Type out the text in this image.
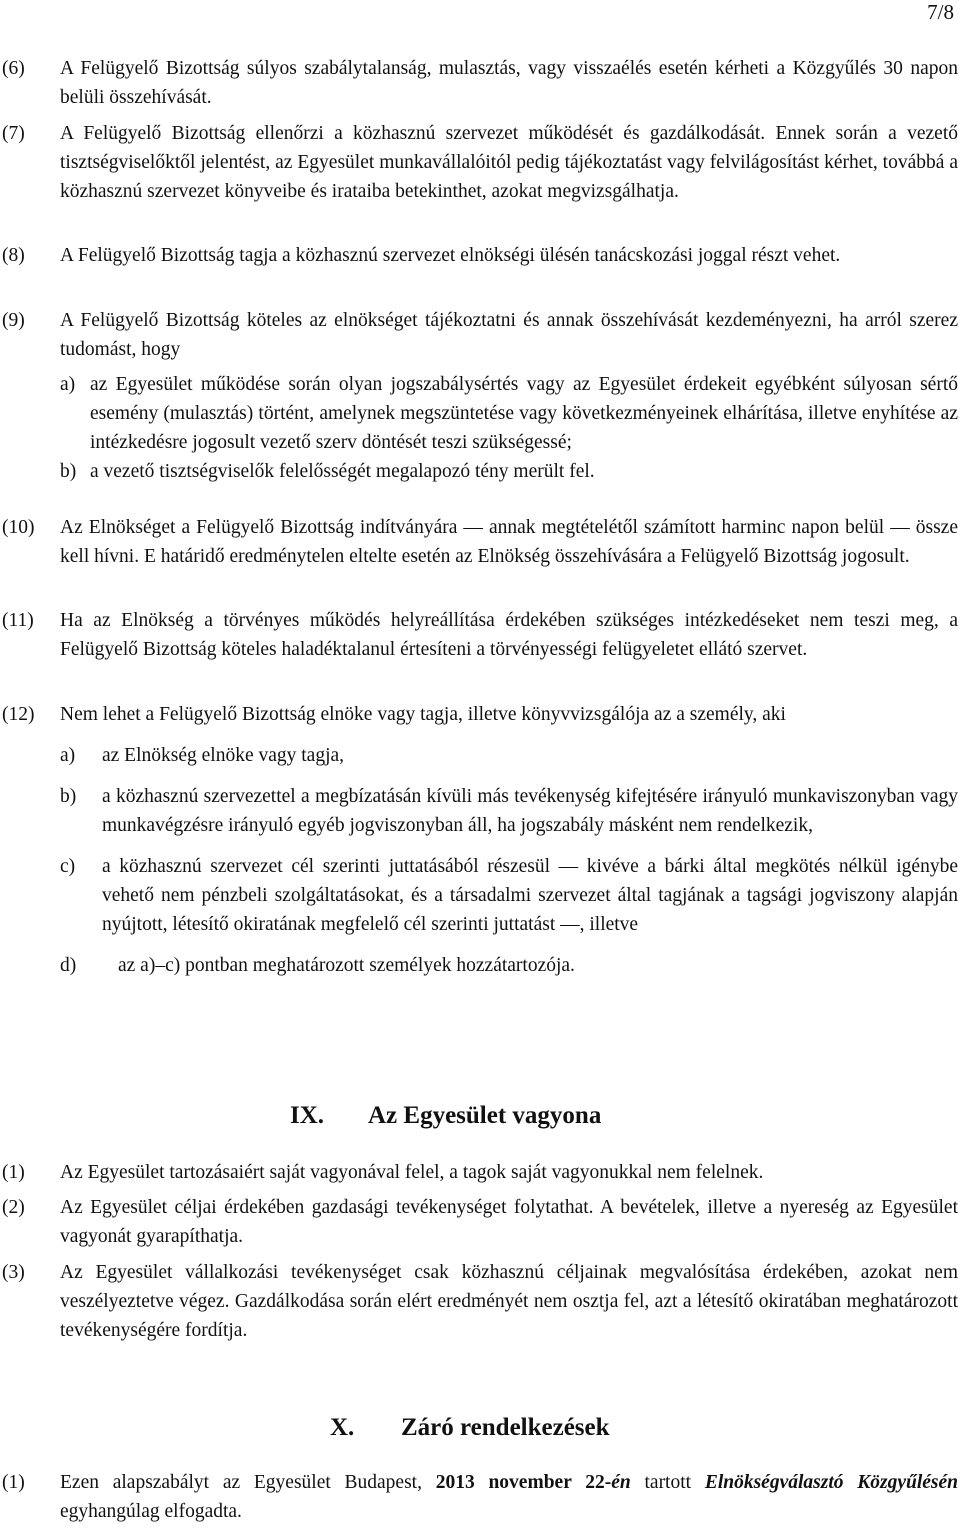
7/8
(6) A Felügyelő Bizottság súlyos szabálytalanság, mulasztás, vagy visszaélés esetén kérheti a Közgyűlés 30 napon belüli összehívását.
(7) A Felügyelő Bizottság ellenőrzi a közhasznú szervezet működését és gazdálkodását. Ennek során a vezető tisztségviselőktől jelentést, az Egyesület munkavállalóitól pedig tájékoztatást vagy felvilágosítást kérhet, továbbá a közhasznú szervezet könyveibe és irataiba betekinthet, azokat megvizsgálhatja.
(8) A Felügyelő Bizottság tagja a közhasznú szervezet elnökségi ülésén tanácskozási joggal részt vehet.
(9) A Felügyelő Bizottság köteles az elnökséget tájékoztatni és annak összehívását kezdeményezni, ha arról szerez tudomást, hogy
a) az Egyesület működése során olyan jogszabálysértés vagy az Egyesület érdekeit egyébként súlyosan sértő esemény (mulasztás) történt, amelynek megszüntetése vagy következményeinek elhárítása, illetve enyhítése az intézkedésre jogosult vezető szerv döntését teszi szükségessé;
b) a vezető tisztségviselők felelősségét megalapozó tény merült fel.
(10) Az Elnökséget a Felügyelő Bizottság indítványára — annak megtételétől számított harminc napon belül — össze kell hívni. E határidő eredménytelen eltelte esetén az Elnökség összehívására a Felügyelő Bizottság jogosult.
(11) Ha az Elnökség a törvényes működés helyreállítása érdekében szükséges intézkedéseket nem teszi meg, a Felügyelő Bizottság köteles haladéktalanul értesíteni a törvényességi felügyeletet ellátó szervet.
(12) Nem lehet a Felügyelő Bizottság elnöke vagy tagja, illetve könyvvizsgálója az a személy, aki
a) az Elnökség elnöke vagy tagja,
b) a közhasznú szervezettel a megbízatásán kívüli más tevékenység kifejtésére irányuló munkaviszonyban vagy munkavégzésre irányuló egyéb jogviszonyban áll, ha jogszabály másként nem rendelkezik,
c) a közhasznú szervezet cél szerinti juttatásából részesül — kivéve a bárki által megkötés nélkül igénybe vehető nem pénzbeli szolgáltatásokat, és a társadalmi szervezet által tagjának a tagsági jogviszony alapján nyújtott, létesítő okiratának megfelelő cél szerinti juttatást —, illetve
d) az a)–c) pontban meghatározott személyek hozzátartozója.
IX. Az Egyesület vagyona
(1) Az Egyesület tartozásaiért saját vagyonával felel, a tagok saját vagyonukkal nem felelnek.
(2) Az Egyesület céljai érdekében gazdasági tevékenységet folytathat. A bevételek, illetve a nyereség az Egyesület vagyonát gyarapíthatja.
(3) Az Egyesület vállalkozási tevékenységet csak közhasznú céljainak megvalósítása érdekében, azokat nem veszélyeztetve végez. Gazdálkodása során elért eredményét nem osztja fel, azt a létesítő okiratában meghatározott tevékenységére fordítja.
X. Záró rendelkezések
(1) Ezen alapszabályt az Egyesület Budapest, 2013 november 22-én tartott Elnökségválasztó Közgyűlésén egyhangúlag elfogadta.
